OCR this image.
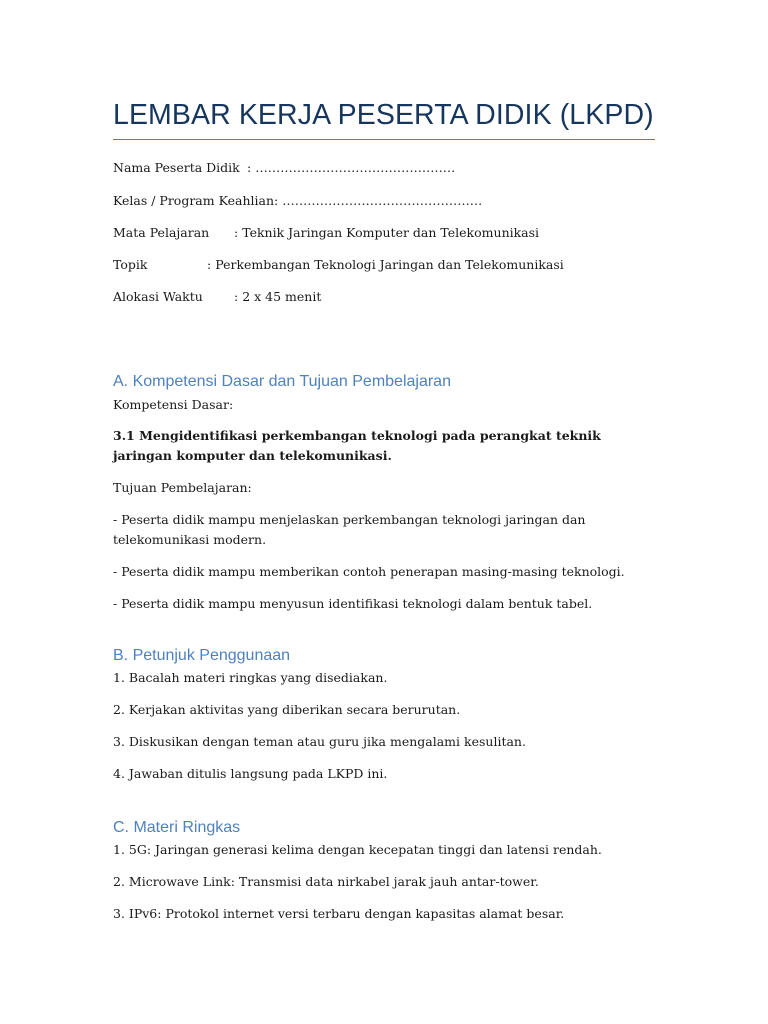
LEMBAR KERJA PESERTA DIDIK (LKPD)
Nama Peserta Didik : …………………………………………
Kelas / Program Keahlian: …………………………………………
Mata Pelajaran : Teknik Jaringan Komputer dan Telekomunikasi
Topik	: Perkembangan Teknologi Jaringan dan Telekomunikasi
Alokasi Waktu : 2 x 45 menit
A. Kompetensi Dasar dan Tujuan Pembelajaran
Kompetensi Dasar:
3.1 Mengidentifikasi perkembangan teknologi pada perangkat teknik jaringan komputer dan telekomunikasi.
Tujuan Pembelajaran:
- Peserta didik mampu menjelaskan perkembangan teknologi jaringan dan telekomunikasi modern.
- Peserta didik mampu memberikan contoh penerapan masing-masing teknologi.
- Peserta didik mampu menyusun identifikasi teknologi dalam bentuk tabel.
B. Petunjuk Penggunaan
1. Bacalah materi ringkas yang disediakan.
2. Kerjakan aktivitas yang diberikan secara berurutan.
3. Diskusikan dengan teman atau guru jika mengalami kesulitan.
4. Jawaban ditulis langsung pada LKPD ini.
C. Materi Ringkas
1. 5G: Jaringan generasi kelima dengan kecepatan tinggi dan latensi rendah.
2. Microwave Link: Transmisi data nirkabel jarak jauh antar-tower.
3. IPv6: Protokol internet versi terbaru dengan kapasitas alamat besar.
